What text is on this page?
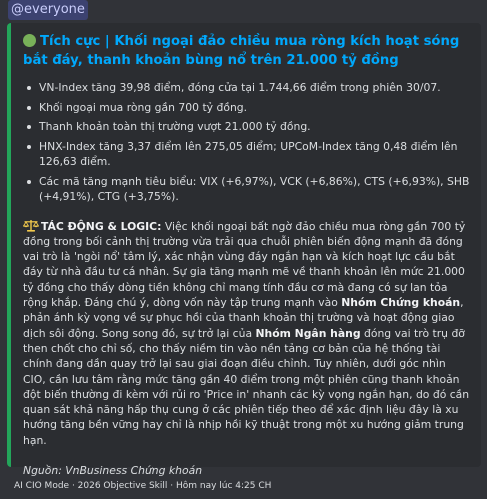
@everyone
Tích cực | Khối ngoại đảo chiều mua ròng kích hoạt sóng bắt đáy, thanh khoản bùng nổ trên 21.000 tỷ đồng
VN-Index tăng 39,98 điểm, đóng cửa tại 1.744,66 điểm trong phiên 30/07.
Khối ngoại mua ròng gần 700 tỷ đồng.
Thanh khoản toàn thị trường vượt 21.000 tỷ đồng.
HNX-Index tăng 3,37 điểm lên 275,05 điểm; UPCoM-Index tăng 0,48 điểm lên 126,63 điểm.
Các mã tăng mạnh tiêu biểu: VIX (+6,97%), VCK (+6,86%), CTS (+6,93%), SHB (+4,91%), CTG (+3,75%).
TÁC ĐỘNG & LOGIC: Việc khối ngoại bất ngờ đảo chiều mua ròng gần 700 tỷ đồng trong bối cảnh thị trường vừa trải qua chuỗi phiên biến động mạnh đã đóng vai trò là 'ngòi nổ' tâm lý, xác nhận vùng đáy ngắn hạn và kích hoạt lực cầu bắt đáy từ nhà đầu tư cá nhân. Sự gia tăng mạnh mẽ về thanh khoản lên mức 21.000 tỷ đồng cho thấy dòng tiền không chỉ mang tính đầu cơ mà đang có sự lan tỏa rộng khắp. Đáng chú ý, dòng vốn này tập trung mạnh vào Nhóm Chứng khoán, phản ánh kỳ vọng về sự phục hồi của thanh khoản thị trường và hoạt động giao dịch sôi động. Song song đó, sự trở lại của Nhóm Ngân hàng đóng vai trò trụ đỡ then chốt cho chỉ số, cho thấy niềm tin vào nền tảng cơ bản của hệ thống tài chính đang dần quay trở lại sau giai đoạn điều chỉnh. Tuy nhiên, dưới góc nhìn CIO, cần lưu tâm rằng mức tăng gần 40 điểm trong một phiên cũng thanh khoản đột biến thường đi kèm với rủi ro 'Price in' nhanh các kỳ vọng ngắn hạn, do đó cần quan sát khả năng hấp thụ cung ở các phiên tiếp theo để xác định liệu đây là xu hướng tăng bền vững hay chỉ là nhịp hồi kỹ thuật trong một xu hướng giảm trung hạn.
Nguồn: VnBusiness Chứng khoán
AI CIO Mode · 2026 Objective Skill · Hôm nay lúc 4:25 CH
